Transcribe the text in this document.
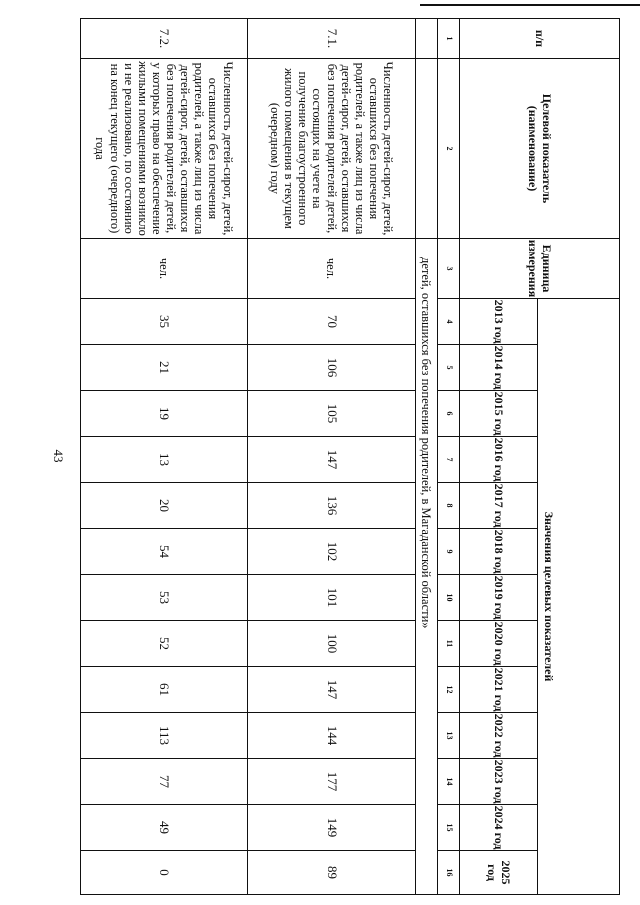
43
п/п	Целевой показатель (наименование)	Единица измерения	Значения целевых показателей												
			2013 год	2014 год	2015 год	2016 год	2017 год	2018 год	2019 год	2020 год	2021 год	2022 год	2023 год	2024 год	2025 год
1	2	3	4	5	6	7	8	9	10	11	12	13	14	15	16
		детей, оставшихся без попечения родителей, в Магаданской области»													
7.1.	Численность детей-сирот, детей, оставшихся без попечения родителей, а также лиц из числа детей-сирот, детей, оставшихся без попечения родителей детей, состоящих на учете на получение благоустроенного жилого помещения в текущем (очередном) году	чел.	70	106	105	147	136	102	101	100	147	144	177	149	89
7.2.	Численность детей-сирот, детей, оставшихся без попечения родителей, а также лиц из числа детей-сирот, детей, оставшихся без попечения родителей детей, у которых право на обеспечение жилыми помещениями возникло и не реализовано, по состоянию на конец текущего (очередного) года	чел.	35	21	19	13	20	54	53	52	61	113	77	49	0
